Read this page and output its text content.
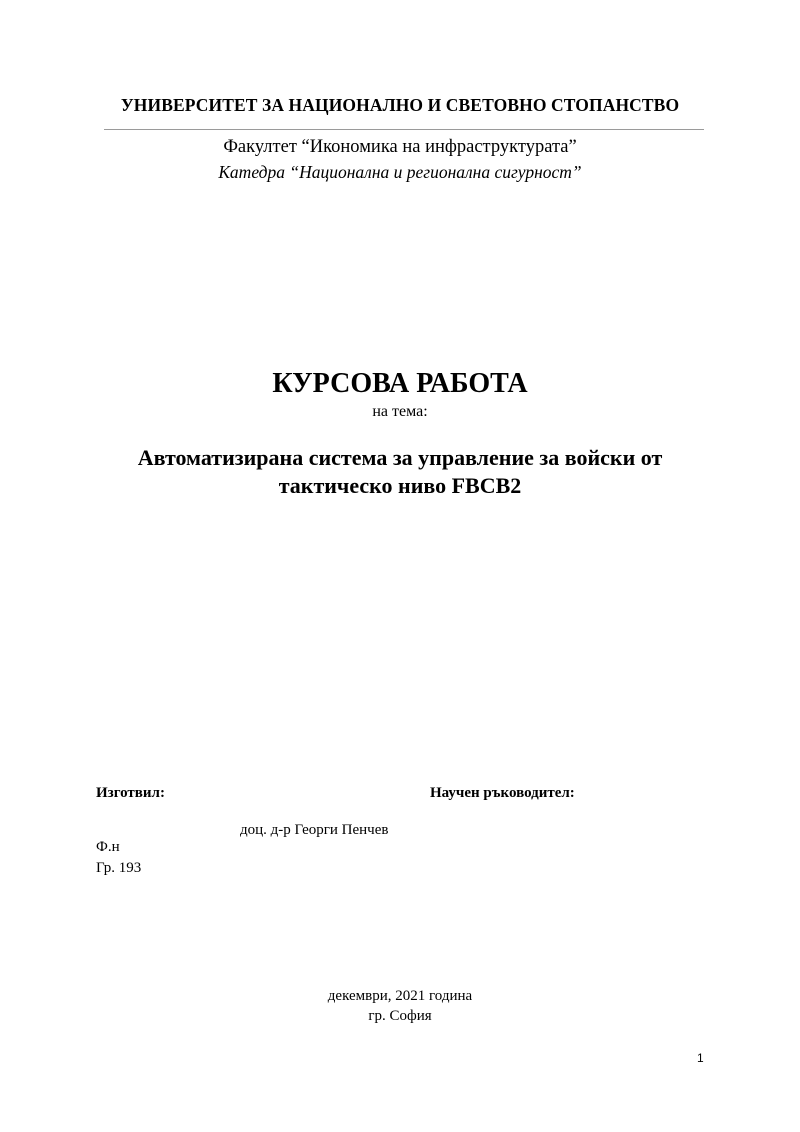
УНИВЕРСИТЕТ ЗА НАЦИОНАЛНО И СВЕТОВНО СТОПАНСТВО
Факултет “Икономика на инфраструктурата”
Катедра “Национална и регионална сигурност”
КУРСОВА РАБОТА
на тема:
Автоматизирана система за управление за войски от
тактическо ниво FBCB2
Изготвил:	Научен ръководител:
доц. д-р Георги Пенчев
Ф.н
Гр. 193
декември, 2021 година
гр. София
1
